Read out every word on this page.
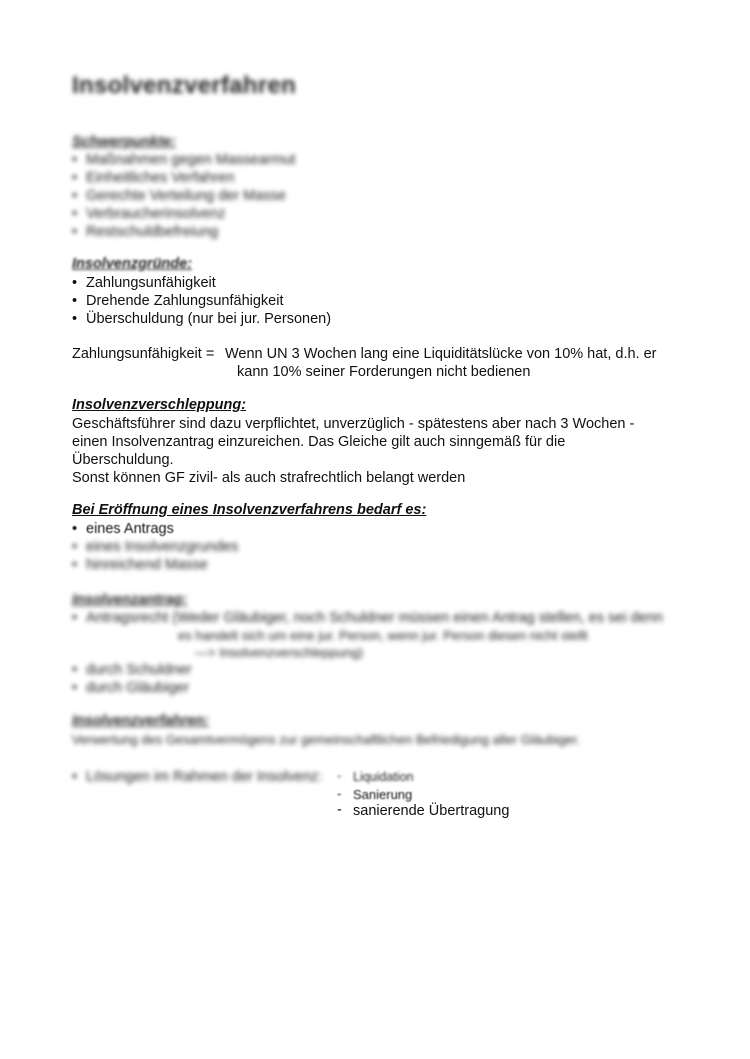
Insolvenzverfahren
Schwerpunkte:
• Maßnahmen gegen Massearmut
• Einheitliches Verfahren
• Gerechte Verteilung der Masse
• Verbraucherinsolvenz
• Restschuldbefreiung
Insolvenzgründe:
• Zahlungsunfähigkeit
• Drehende Zahlungsunfähigkeit
• Überschuldung (nur bei jur. Personen)
Zahlungsunfähigkeit = Wenn UN 3 Wochen lang eine Liquiditätslücke von 10% hat, d.h. er
kann 10% seiner Forderungen nicht bedienen
Insolvenzverschleppung:
Geschäftsführer sind dazu verpflichtet, unverzüglich - spätestens aber nach 3 Wochen -
einen Insolvenzantrag einzureichen. Das Gleiche gilt auch sinngemäß für die
Überschuldung.
Sonst können GF zivil- als auch strafrechtlich belangt werden
Bei Eröffnung eines Insolvenzverfahrens bedarf es:
• eines Antrags
• eines Insolvenzgrundes
• hinreichend Masse
Insolvenzantrag:
• Antragsrecht (Weder Gläubiger, noch Schuldner müssen einen Antrag stellen, es sei denn
es handelt sich um eine jur. Person, wenn jur. Person diesen nicht stellt
—> Insolvenzverschleppung)
• durch Schuldner
• durch Gläubiger
Insolvenzverfahren:
Verwertung des Gesamtvermögens zur gemeinschaftlichen Befriedigung aller Gläubiger.
• Lösungen im Rahmen der Insolvenz:
-	Liquidation
- Sanierung
- sanierende Übertragung
